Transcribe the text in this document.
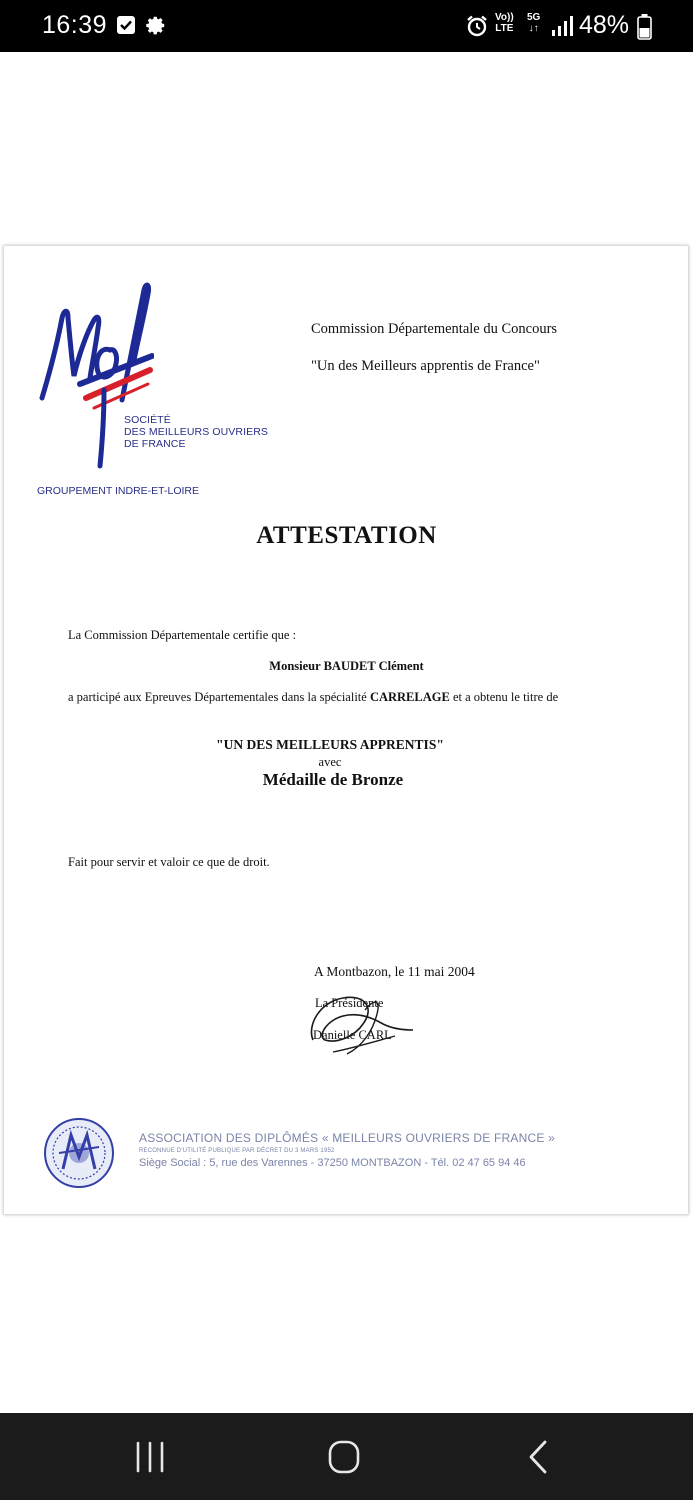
16:39	Vo))
LTE
5G
↓↑ 48%
SOCIÉTÉ
DES MEILLEURS OUVRIERS
DE FRANCE
GROUPEMENT INDRE-ET-LOIRE
Commission Départementale du Concours
"Un des Meilleurs apprentis de France"
ATTESTATION
La Commission Départementale certifie que :
Monsieur BAUDET Clément
a participé aux Epreuves Départementales dans la spécialité CARRELAGE et a obtenu le titre de
"UN DES MEILLEURS APPRENTIS"
avec
Médaille de Bronze
Fait pour servir et valoir ce que de droit.
A Montbazon, le 11 mai 2004
La Présidente
Danielle CARL
ASSOCIATION DES DIPLÔMÉS « MEILLEURS OUVRIERS DE FRANCE »
RECONNUE D'UTILITÉ PUBLIQUE PAR DÉCRET DU 3 MARS 1952
Siège Social : 5, rue des Varennes - 37250 MONTBAZON - Tél. 02 47 65 94 46
